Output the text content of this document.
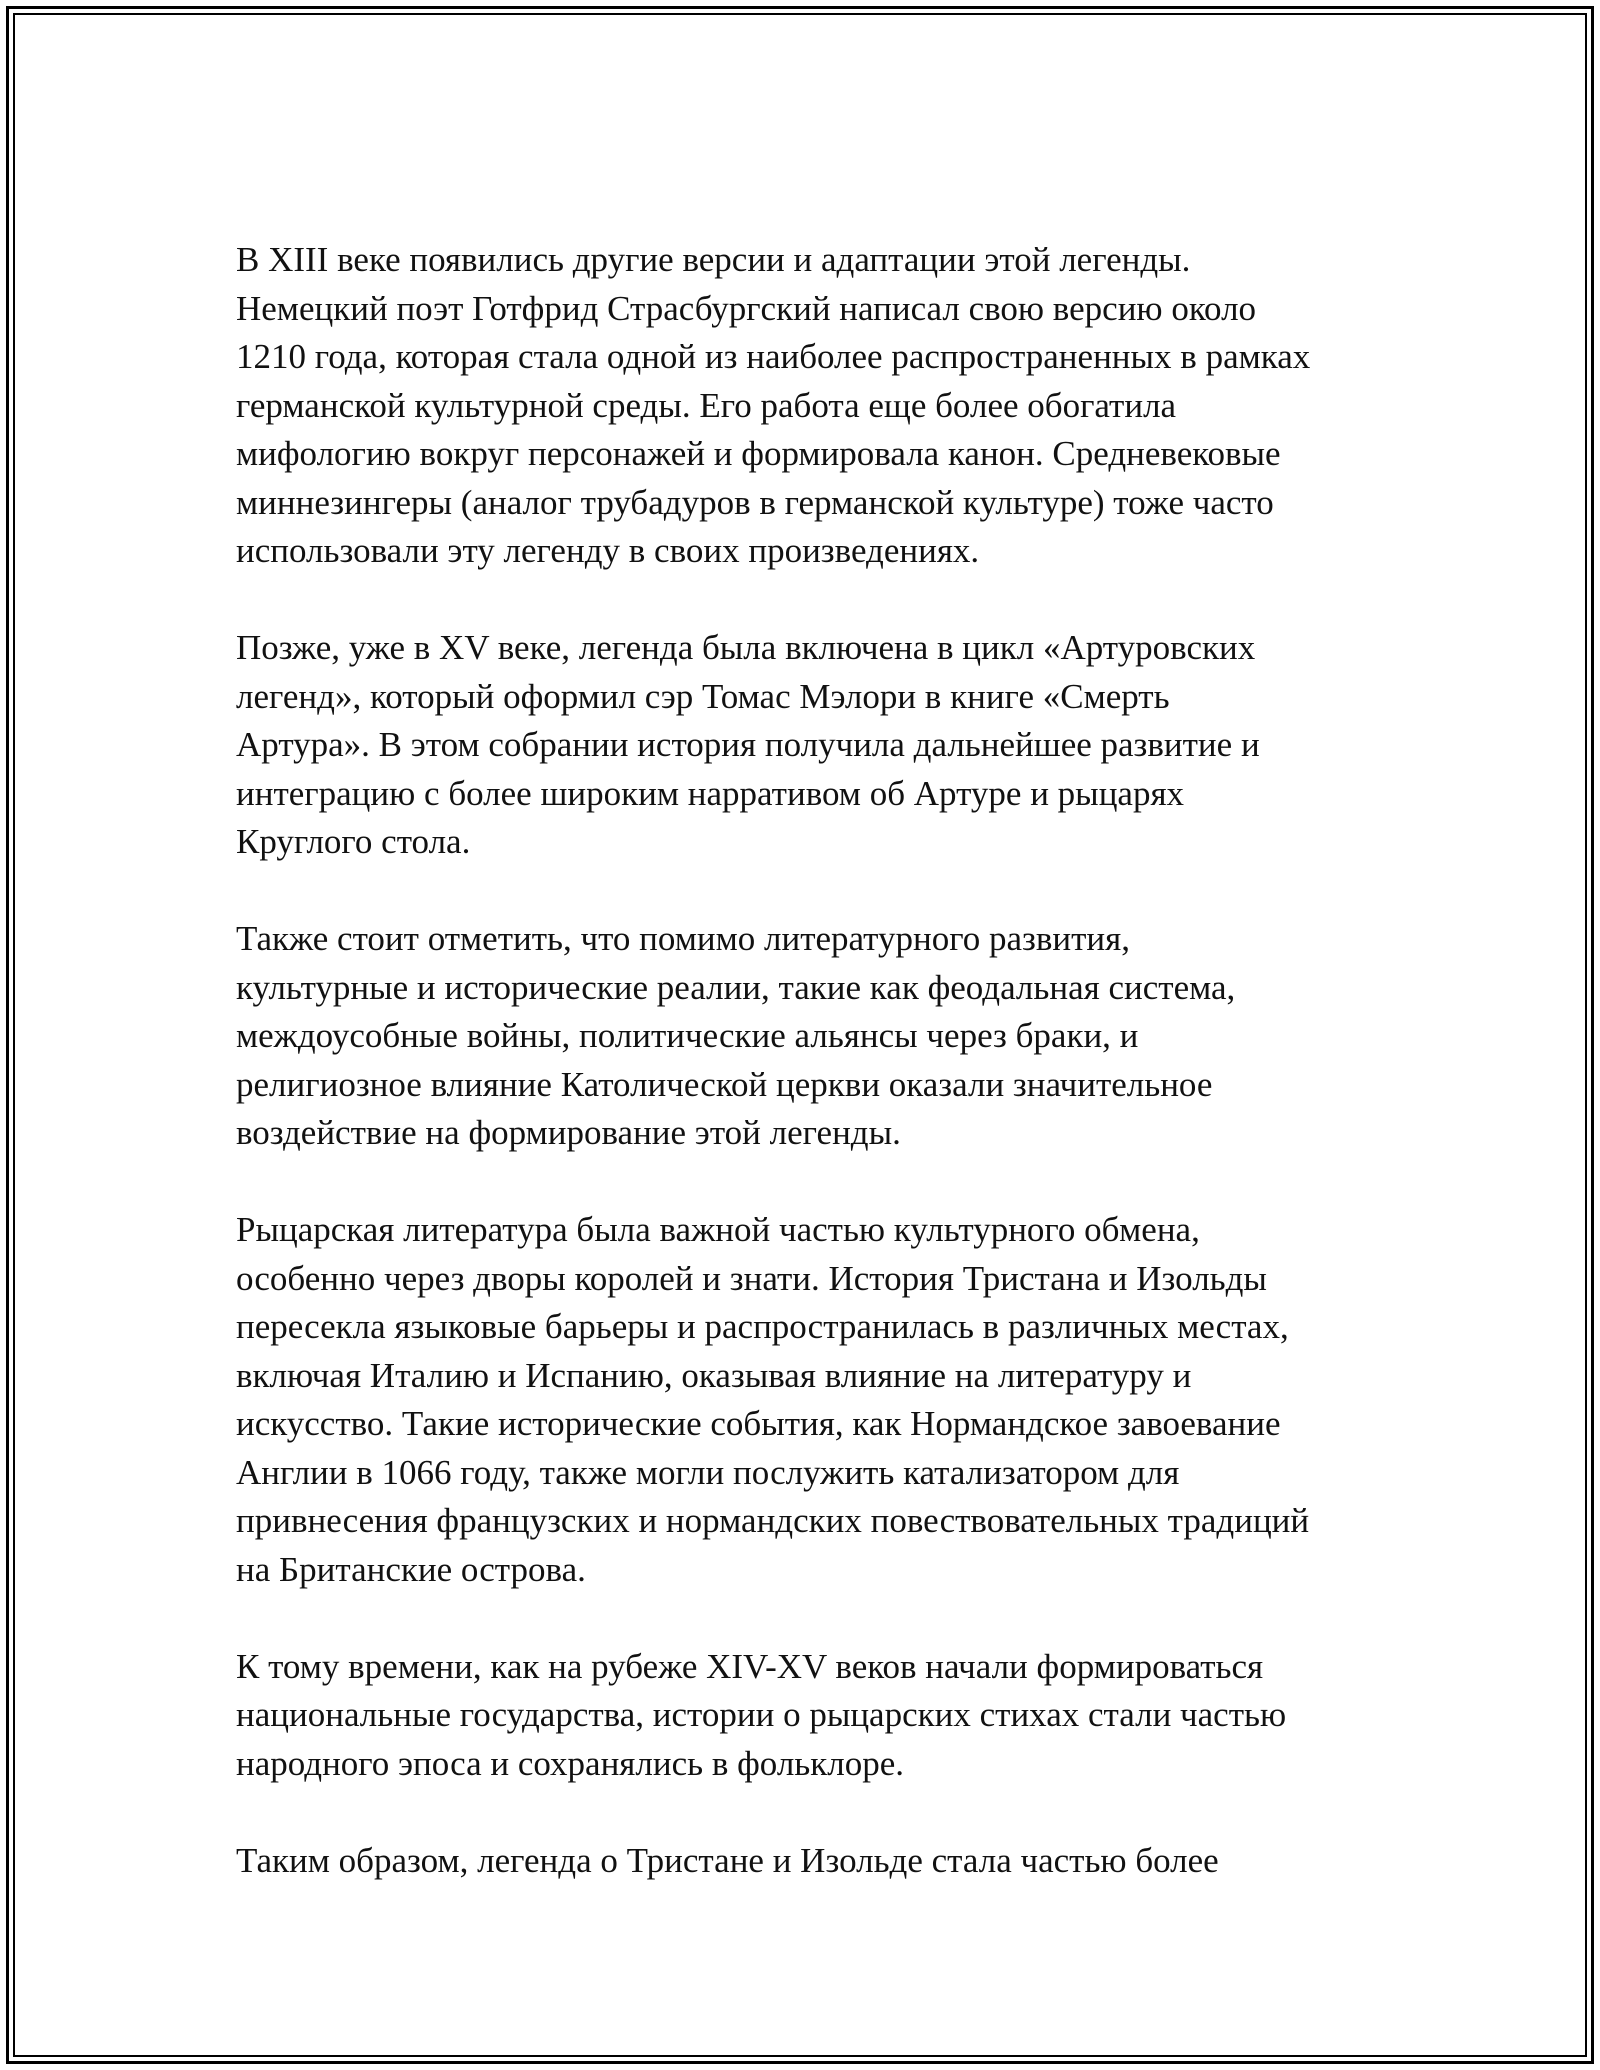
В XIII веке появились другие версии и адаптации этой легенды.
Немецкий поэт Готфрид Страсбургский написал свою версию около
1210 года, которая стала одной из наиболее распространенных в рамках
германской культурной среды. Его работа еще более обогатила
мифологию вокруг персонажей и формировала канон. Средневековые
миннезингеры (аналог трубадуров в германской культуре) тоже часто
использовали эту легенду в своих произведениях.

Позже, уже в XV веке, легенда была включена в цикл «Артуровских
легенд», который оформил сэр Томас Мэлори в книге «Смерть
Артура». В этом собрании история получила дальнейшее развитие и
интеграцию с более широким нарративом об Артуре и рыцарях
Круглого стола.

Также стоит отметить, что помимо литературного развития,
культурные и исторические реалии, такие как феодальная система,
междоусобные войны, политические альянсы через браки, и
религиозное влияние Католической церкви оказали значительное
воздействие на формирование этой легенды.

Рыцарская литература была важной частью культурного обмена,
особенно через дворы королей и знати. История Тристана и Изольды
пересекла языковые барьеры и распространилась в различных местах,
включая Италию и Испанию, оказывая влияние на литературу и
искусство. Такие исторические события, как Нормандское завоевание
Англии в 1066 году, также могли послужить катализатором для
привнесения французских и нормандских повествовательных традиций
на Британские острова.

К тому времени, как на рубеже XIV-XV веков начали формироваться
национальные государства, истории о рыцарских стихах стали частью
народного эпоса и сохранялись в фольклоре.

Таким образом, легенда о Тристане и Изольде стала частью более
